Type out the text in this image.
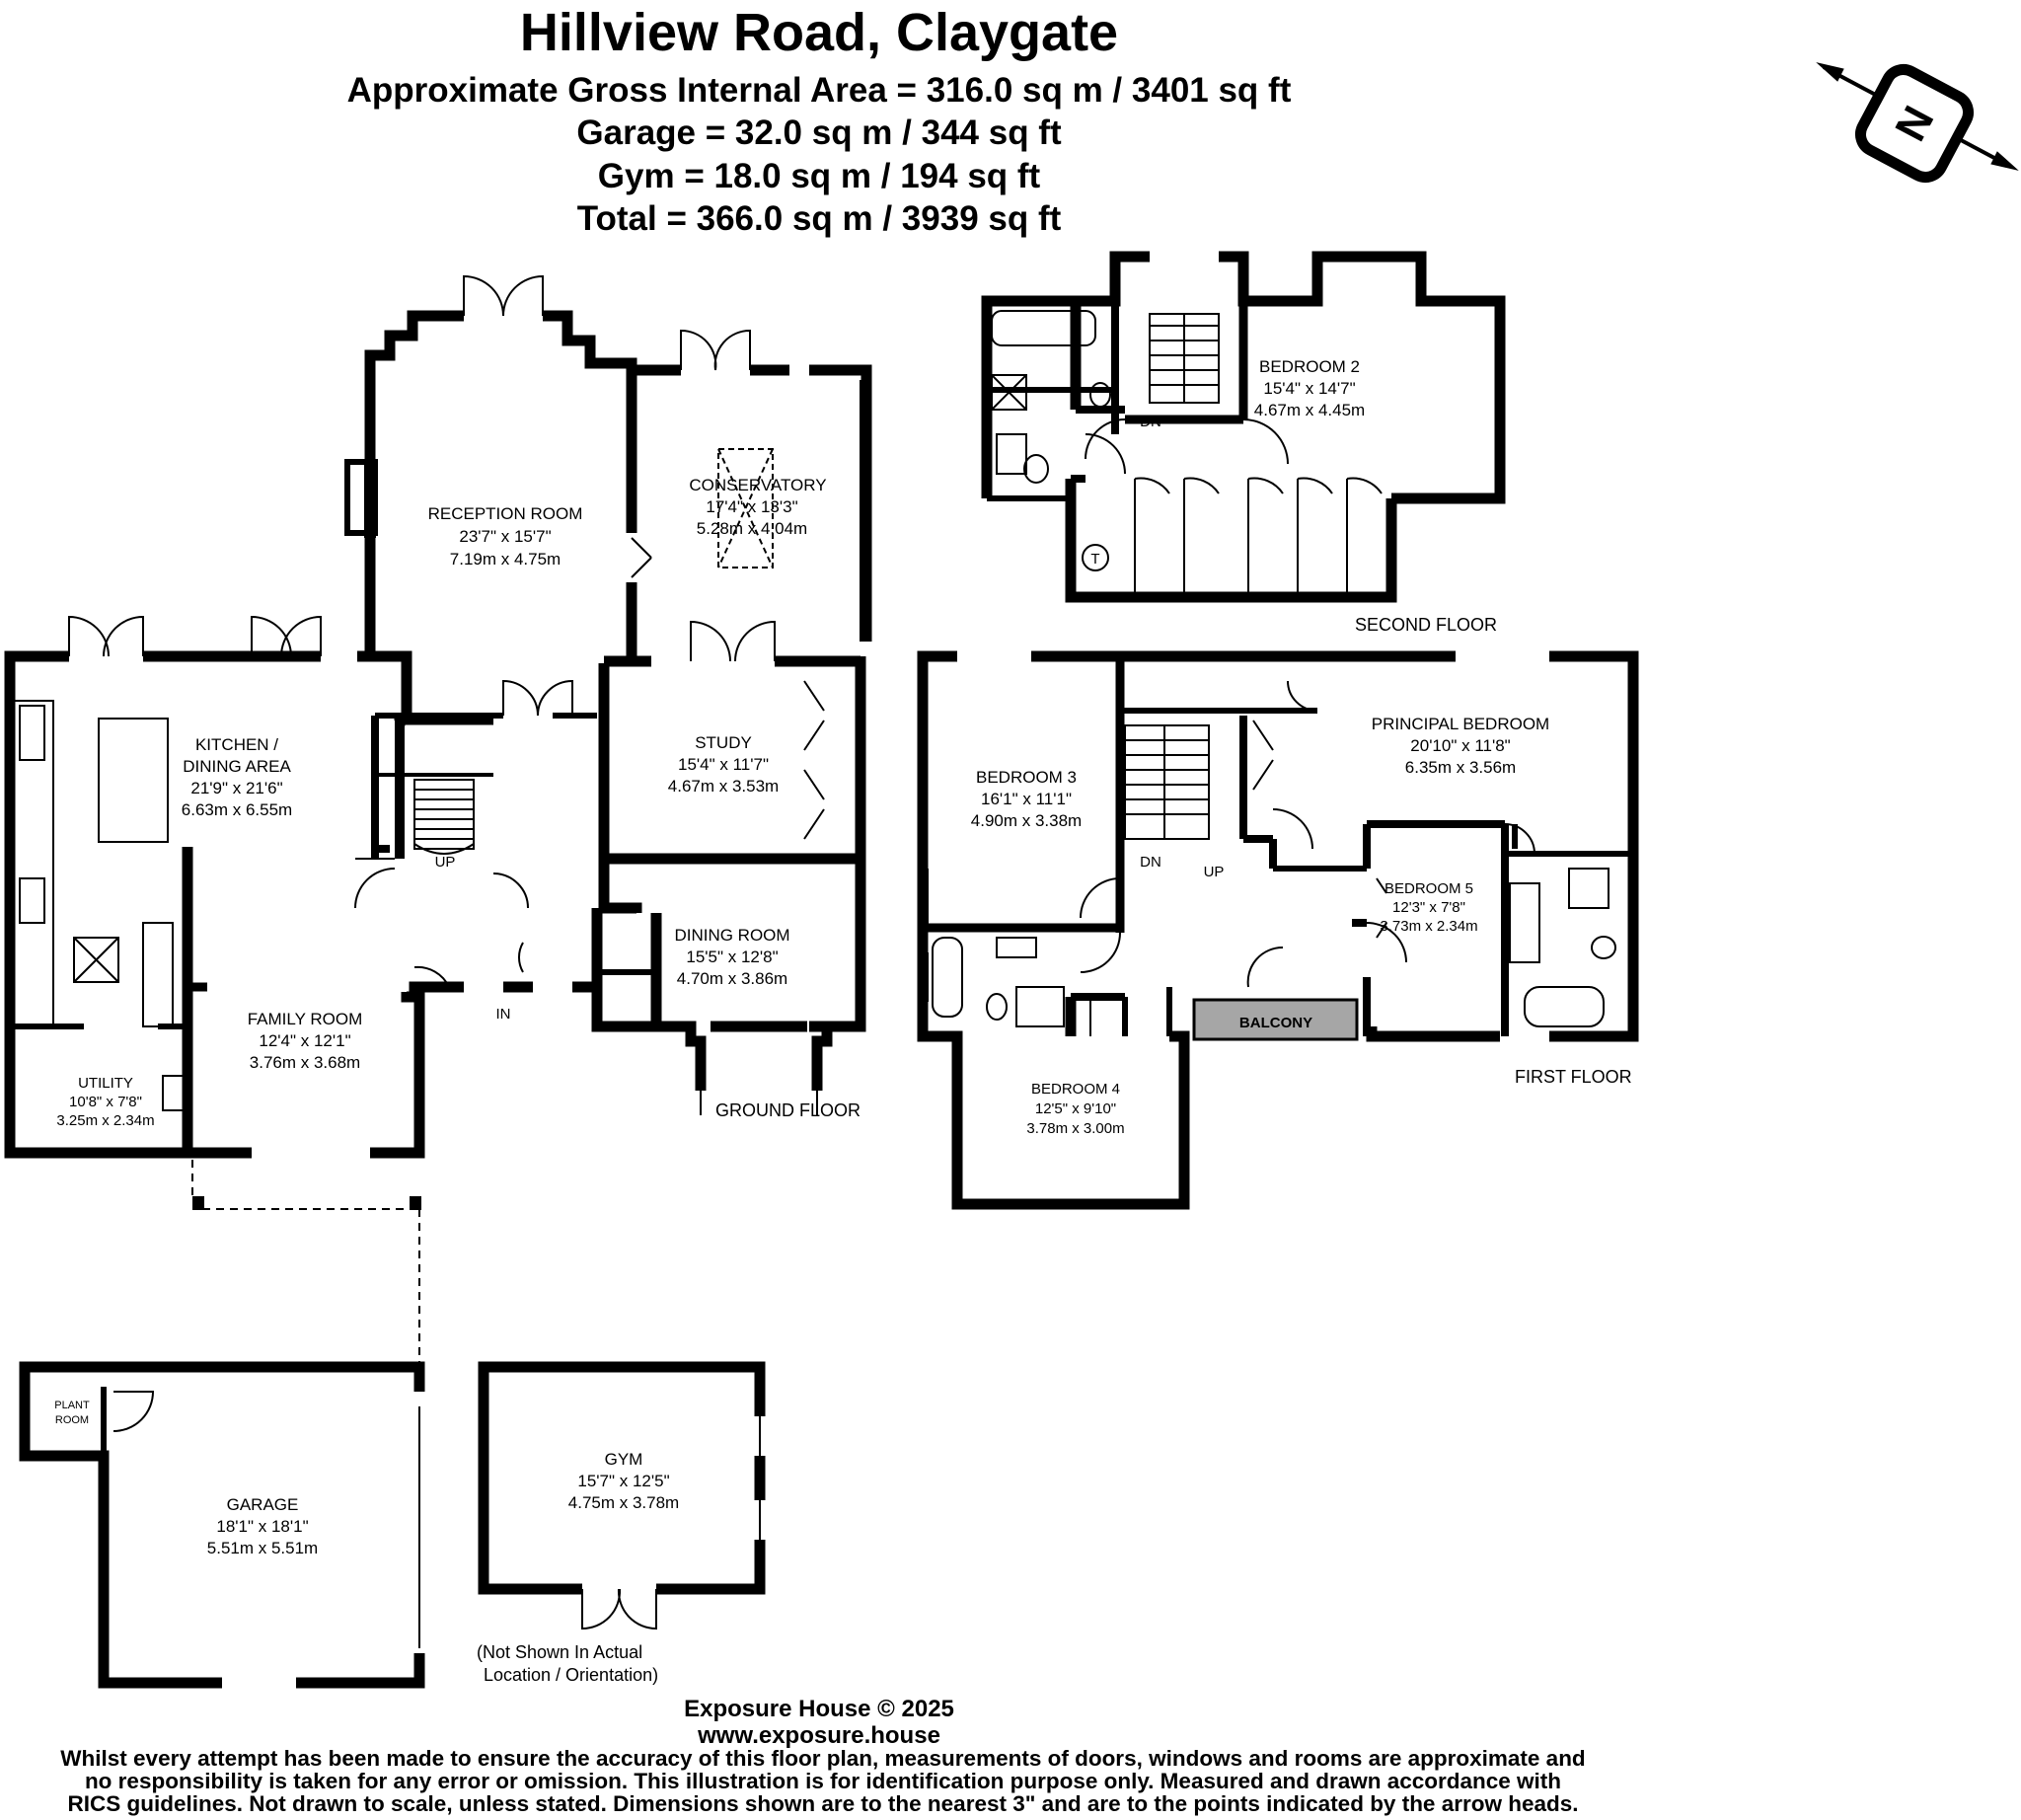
Hillview Road, Claygate
Approximate Gross Internal Area = 316.0 sq m / 3401 sq ft
Garage = 32.0 sq m / 344 sq ft
Gym = 18.0 sq m / 194 sq ft
Total = 366.0 sq m / 3939 sq ft
N
RECEPTION ROOM
23'7" x 15'7"
7.19m x 4.75m
CONSERVATORY
17'4" x 13'3"
5.28m x 4.04m
KITCHEN /
DINING AREA
21'9" x 21'6"
6.63m x 6.55m
STUDY
15'4" x 11'7"
4.67m x 3.53m
DINING ROOM
15'5" x 12'8"
4.70m x 3.86m
FAMILY ROOM
12'4" x 12'1"
3.76m x 3.68m
UTILITY
10'8" x 7'8"
3.25m x 2.34m
BEDROOM 2
15'4" x 14'7"
4.67m x 4.45m
BEDROOM 3
16'1" x 11'1"
4.90m x 3.38m
PRINCIPAL BEDROOM
20'10" x 11'8"
6.35m x 3.56m
BEDROOM 5
12'3" x 7'8"
3.73m x 2.34m
BEDROOM 4
12'5" x 9'10"
3.78m x 3.00m
GARAGE
18'1" x 18'1"
5.51m x 5.51m
GYM
15'7" x 12'5"
4.75m x 3.78m
PLANT
ROOM
UP
DN
DN
UP
IN
T
BALCONY
GROUND FLOOR
FIRST FLOOR
SECOND FLOOR
(Not Shown In Actual
Location / Orientation)
Exposure House © 2025
www.exposure.house
Whilst every attempt has been made to ensure the accuracy of this floor plan, measurements of doors, windows and rooms are approximate and
no responsibility is taken for any error or omission. This illustration is for identification purpose only. Measured and drawn accordance with
RICS guidelines. Not drawn to scale, unless stated. Dimensions shown are to the nearest 3" and are to the points indicated by the arrow heads.
